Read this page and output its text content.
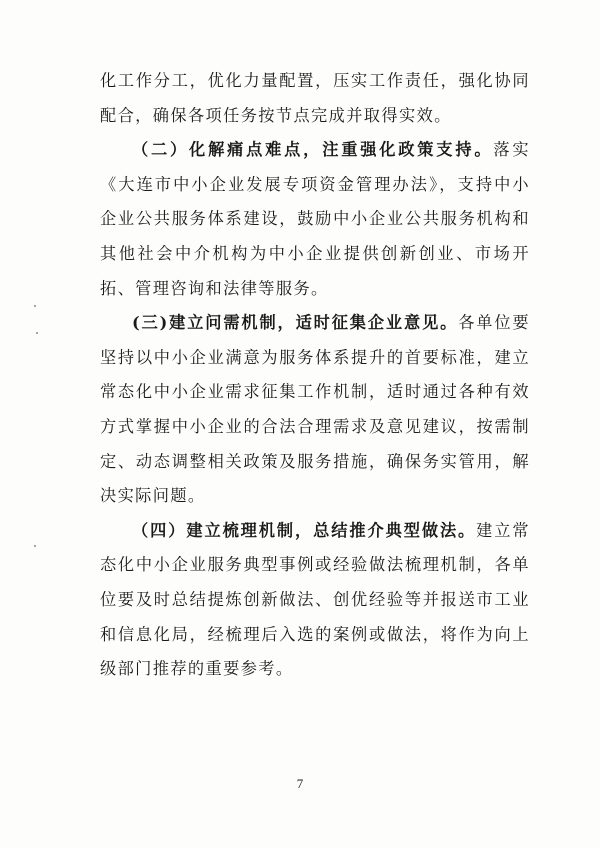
化工作分工，优化力量配置，压实工作责任，强化协同配合，确保各项任务按节点完成并取得实效。

（二）化解痛点难点，注重强化政策支持。落实《大连市中小企业发展专项资金管理办法》，支持中小企业公共服务体系建设，鼓励中小企业公共服务机构和其他社会中介机构为中小企业提供创新创业、市场开拓、管理咨询和法律等服务。

(三)建立问需机制，适时征集企业意见。各单位要坚持以中小企业满意为服务体系提升的首要标准，建立常态化中小企业需求征集工作机制，适时通过各种有效方式掌握中小企业的合法合理需求及意见建议，按需制定、动态调整相关政策及服务措施，确保务实管用，解决实际问题。

（四）建立梳理机制，总结推介典型做法。建立常态化中小企业服务典型事例或经验做法梳理机制，各单位要及时总结提炼创新做法、创优经验等并报送市工业和信息化局，经梳理后入选的案例或做法，将作为向上级部门推荐的重要参考。

7
